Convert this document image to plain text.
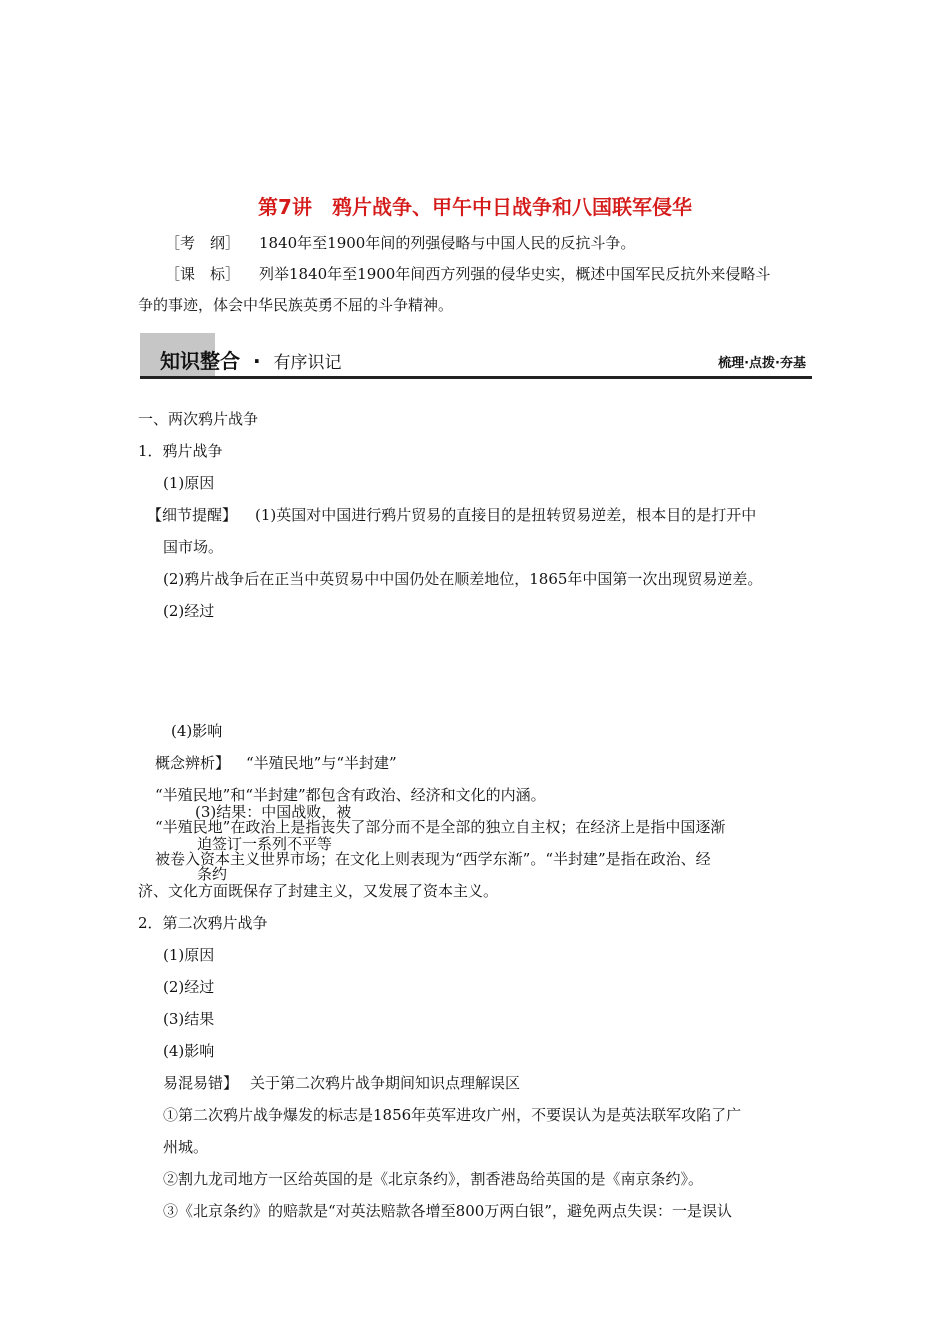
第7讲　鸦片战争、甲午中日战争和八国联军侵华
［考　纲］ 1840年至1900年间的列强侵略与中国人民的反抗斗争。
［课　标］ 列举1840年至1900年间西方列强的侵华史实，概述中国军民反抗外来侵略斗
争的事迹，体会中华民族英勇不屈的斗争精神。
知识整合 · 有序识记	梳理·点拨·夯基
一、两次鸦片战争
1．鸦片战争
(1)原因
【细节提醒】 (1)英国对中国进行鸦片贸易的直接目的是扭转贸易逆差，根本目的是打开中
国市场。
(2)鸦片战争后在正当中英贸易中中国仍处在顺差地位，1865年中国第一次出现贸易逆差。
(2)经过
(4)影响
概念辨析】 “半殖民地”与“半封建”
“半殖民地”和“半封建”都包含有政治、经济和文化的内涵。
“半殖民地”在政治上是指丧失了部分而不是全部的独立自主权；在经济上是指中国逐渐
被卷入资本主义世界市场；在文化上则表现为“西学东渐”。“半封建”是指在政治、经
济、文化方面既保存了封建主义，又发展了资本主义。
(3)结果：中国战败，被
迫签订一系列不平等
条约
2．第二次鸦片战争
(1)原因
(2)经过
(3)结果
(4)影响
易混易错】 关于第二次鸦片战争期间知识点理解误区
①第二次鸦片战争爆发的标志是1856年英军进攻广州，不要误认为是英法联军攻陷了广
州城。
②割九龙司地方一区给英国的是《北京条约》，割香港岛给英国的是《南京条约》。
③《北京条约》的赔款是“对英法赔款各增至800万两白银”，避免两点失误：一是误认
